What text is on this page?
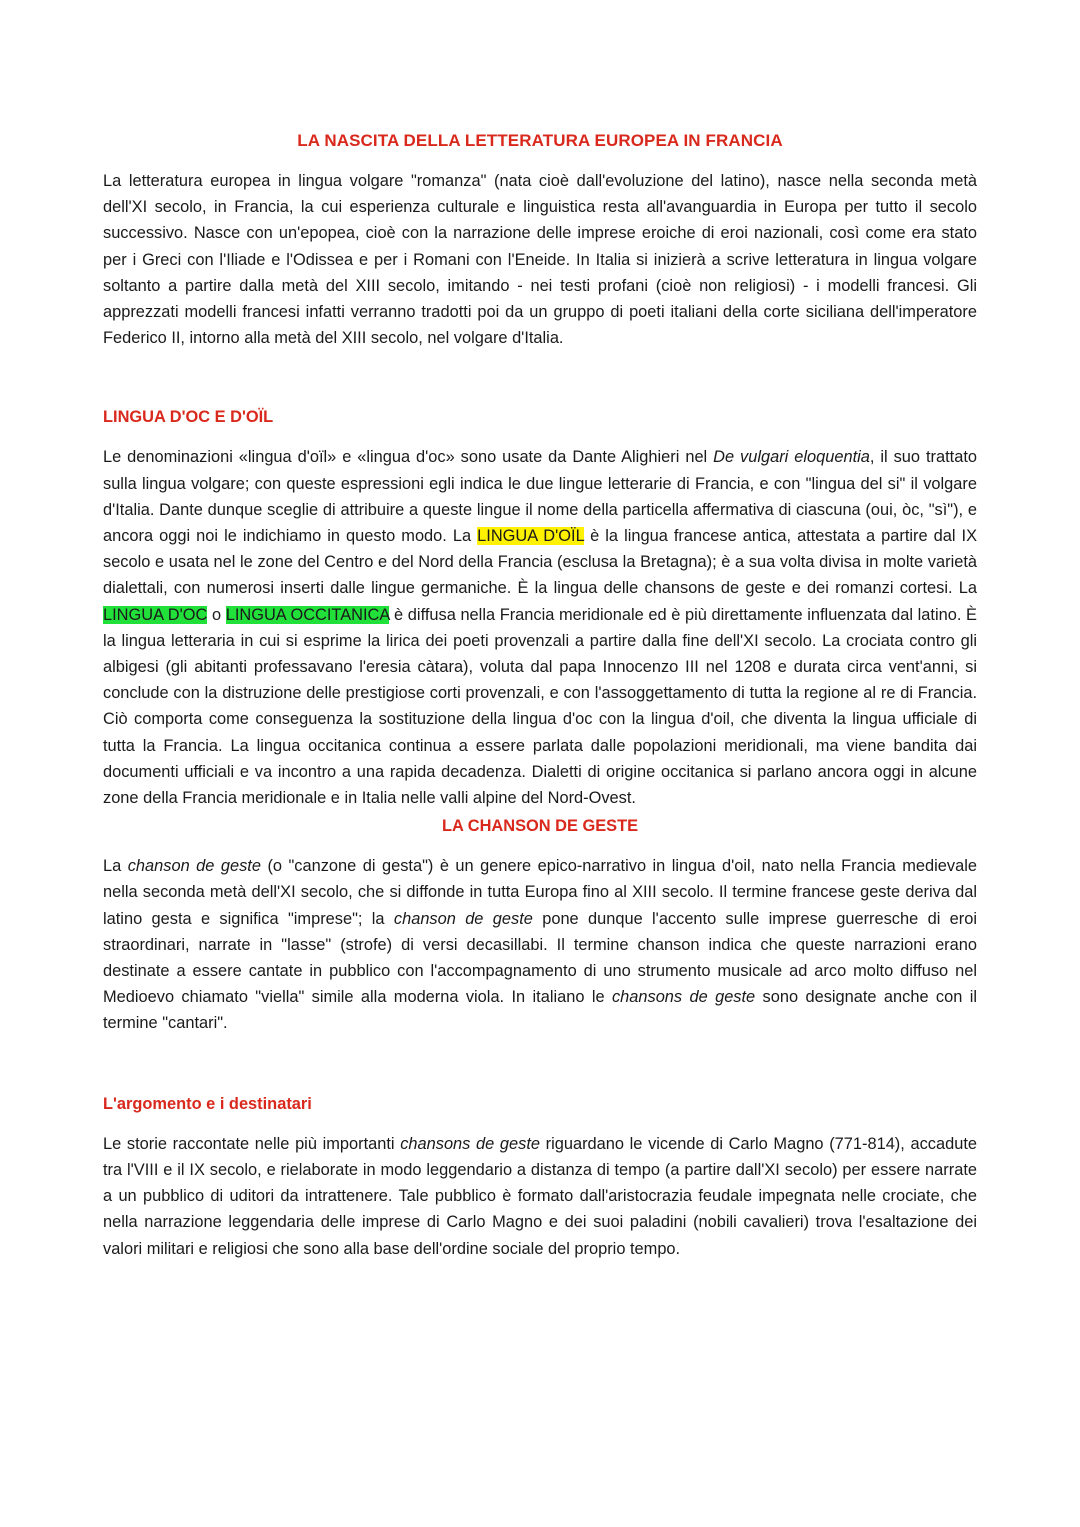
LA NASCITA DELLA LETTERATURA EUROPEA IN FRANCIA

La letteratura europea in lingua volgare "romanza" (nata cioè dall'evoluzione del latino), nasce nella seconda metà dell'XI secolo, in Francia, la cui esperienza culturale e linguistica resta all'avanguardia in Europa per tutto il secolo successivo. Nasce con un'epopea, cioè con la narrazione delle imprese eroiche di eroi nazionali, così come era stato per i Greci con l'Iliade e l'Odissea e per i Romani con l'Eneide. In Italia si inizierà a scrive letteratura in lingua volgare soltanto a partire dalla metà del XIII secolo, imitando - nei testi profani (cioè non religiosi) - i modelli francesi. Gli apprezzati modelli francesi infatti verranno tradotti poi da un gruppo di poeti italiani della corte siciliana dell'imperatore Federico II, intorno alla metà del XIII secolo, nel volgare d'Italia.

LINGUA D'OC E D'OÏL

Le denominazioni «lingua d'oïl» e «lingua d'oc» sono usate da Dante Alighieri nel De vulgari eloquentia, il suo trattato sulla lingua volgare; con queste espressioni egli indica le due lingue letterarie di Francia, e con "lingua del si" il volgare d'Italia. Dante dunque sceglie di attribuire a queste lingue il nome della particella affermativa di ciascuna (oui, òc, "sì"), e ancora oggi noi le indichiamo in questo modo. La LINGUA D'OÏL è la lingua francese antica, attestata a partire dal IX secolo e usata nel le zone del Centro e del Nord della Francia (esclusa la Bretagna); è a sua volta divisa in molte varietà dialettali, con numerosi inserti dalle lingue germaniche. È la lingua delle chansons de geste e dei romanzi cortesi. La LINGUA D'OC o LINGUA OCCITANICA è diffusa nella Francia meridionale ed è più direttamente influenzata dal latino. È la lingua letteraria in cui si esprime la lirica dei poeti provenzali a partire dalla fine dell'XI secolo. La crociata contro gli albigesi (gli abitanti professavano l'eresia càtara), voluta dal papa Innocenzo III nel 1208 e durata circa vent'anni, si conclude con la distruzione delle prestigiose corti provenzali, e con l'assoggettamento di tutta la regione al re di Francia. Ciò comporta come conseguenza la sostituzione della lingua d'oc con la lingua d'oil, che diventa la lingua ufficiale di tutta la Francia. La lingua occitanica continua a essere parlata dalle popolazioni meridionali, ma viene bandita dai documenti ufficiali e va incontro a una rapida decadenza. Dialetti di origine occitanica si parlano ancora oggi in alcune zone della Francia meridionale e in Italia nelle valli alpine del Nord-Ovest.

LA CHANSON DE GESTE

La chanson de geste (o "canzone di gesta") è un genere epico-narrativo in lingua d'oil, nato nella Francia medievale nella seconda metà dell'XI secolo, che si diffonde in tutta Europa fino al XIII secolo. Il termine francese geste deriva dal latino gesta e significa "imprese"; la chanson de geste pone dunque l'accento sulle imprese guerresche di eroi straordinari, narrate in "lasse" (strofe) di versi decasillabi. Il termine chanson indica che queste narrazioni erano destinate a essere cantate in pubblico con l'accompagnamento di uno strumento musicale ad arco molto diffuso nel Medioevo chiamato "viella" simile alla moderna viola. In italiano le chansons de geste sono designate anche con il termine "cantari".

L'argomento e i destinatari

Le storie raccontate nelle più importanti chansons de geste riguardano le vicende di Carlo Magno (771-814), accadute tra l'VIII e il IX secolo, e rielaborate in modo leggendario a distanza di tempo (a partire dall'XI secolo) per essere narrate a un pubblico di uditori da intrattenere. Tale pubblico è formato dall'aristocrazia feudale impegnata nelle crociate, che nella narrazione leggendaria delle imprese di Carlo Magno e dei suoi paladini (nobili cavalieri) trova l'esaltazione dei valori militari e religiosi che sono alla base dell'ordine sociale del proprio tempo.
